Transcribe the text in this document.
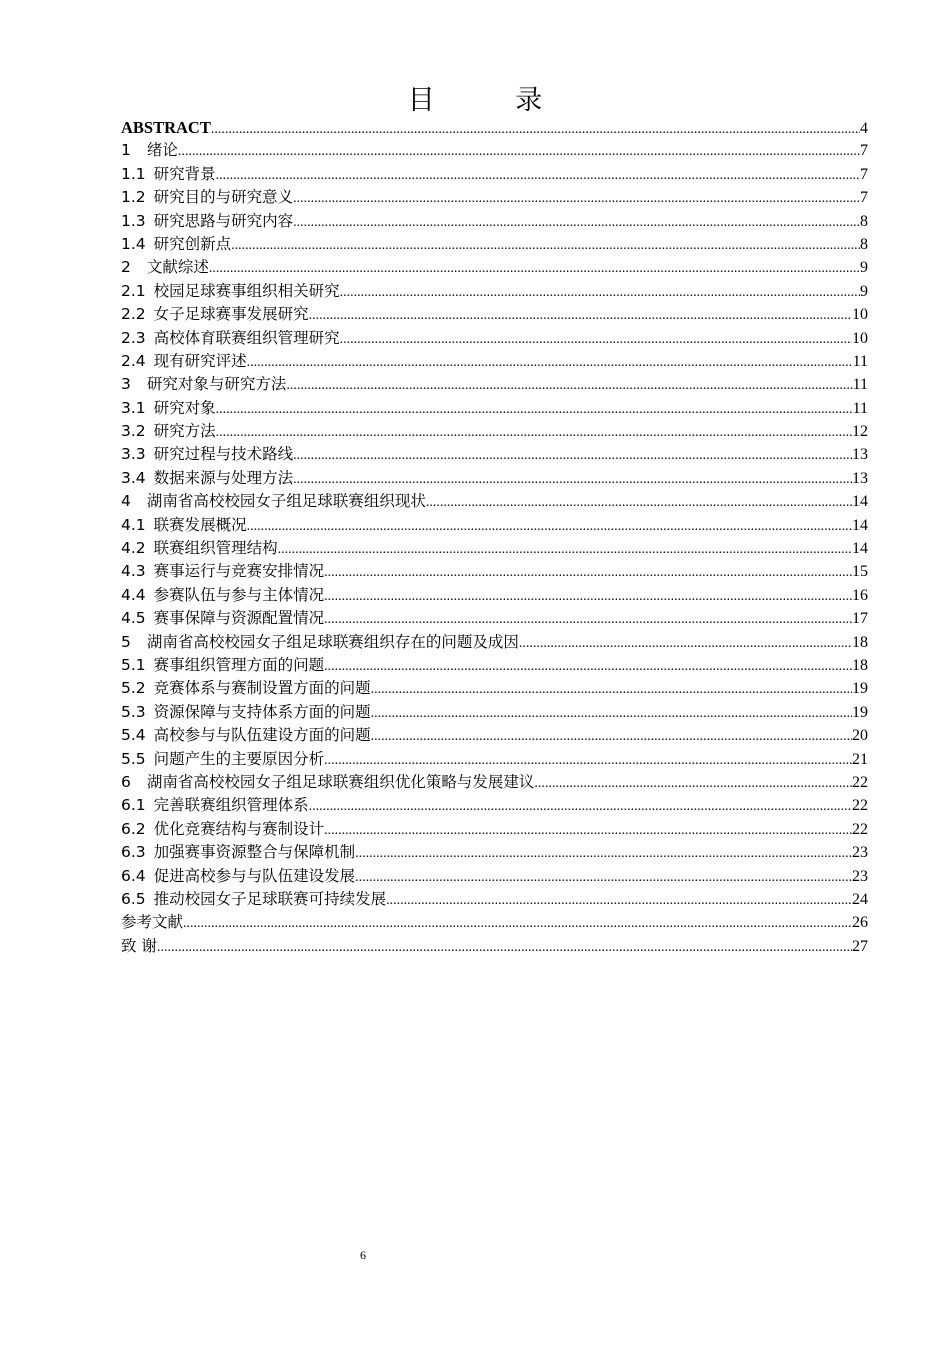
目 录
ABSTRACT .....	4
1	绪论 .....	7
1.1 研究背景 .....	7
1.2 研究目的与研究意义 .....	7
1.3 研究思路与研究内容 .....	8
1.4 研究创新点 .....	8
2	文献综述 .....	9
2.1 校园足球赛事组织相关研究 .....	9
2.2 女子足球赛事发展研究 .....	10
2.3 高校体育联赛组织管理研究 .....	10
2.4 现有研究评述 .....	11
3	研究对象与研究方法 .....	11
3.1 研究对象 .....	11
3.2 研究方法 .....	12
3.3 研究过程与技术路线 .....	13
3.4 数据来源与处理方法 .....	13
4	湖南省高校校园女子组足球联赛组织现状 .....	14
4.1 联赛发展概况 .....	14
4.2 联赛组织管理结构 .....	14
4.3 赛事运行与竞赛安排情况 .....	15
4.4 参赛队伍与参与主体情况 .....	16
4.5 赛事保障与资源配置情况 .....	17
5	湖南省高校校园女子组足球联赛组织存在的问题及成因 .....	18
5.1 赛事组织管理方面的问题 .....	18
5.2 竞赛体系与赛制设置方面的问题 .....	19
5.3 资源保障与支持体系方面的问题 .....	19
5.4 高校参与与队伍建设方面的问题 .....	20
5.5 问题产生的主要原因分析 .....	21
6	湖南省高校校园女子组足球联赛组织优化策略与发展建议 .....	22
6.1 完善联赛组织管理体系 .....	22
6.2 优化竞赛结构与赛制设计 .....	22
6.3 加强赛事资源整合与保障机制 .....	23
6.4 促进高校参与与队伍建设发展 .....	23
6.5 推动校园女子足球联赛可持续发展 .....	24
参考文献 .....	26
致 谢 .....	27
6
